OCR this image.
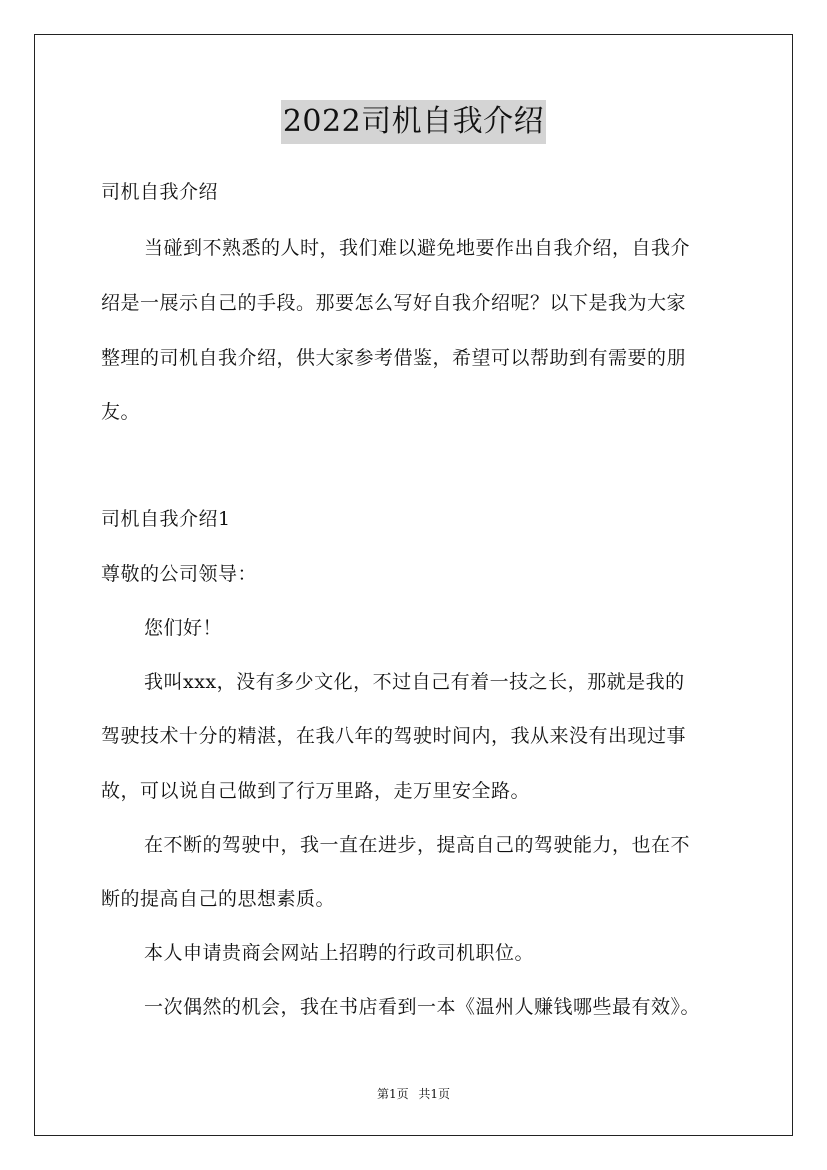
2022司机自我介绍
司机自我介绍
当碰到不熟悉的人时，我们难以避免地要作出自我介绍，自我介
绍是一展示自己的手段。那要怎么写好自我介绍呢？以下是我为大家
整理的司机自我介绍，供大家参考借鉴，希望可以帮助到有需要的朋
友。
司机自我介绍1
尊敬的公司领导：
您们好！
我叫xxx，没有多少文化，不过自己有着一技之长，那就是我的
驾驶技术十分的精湛，在我八年的驾驶时间内，我从来没有出现过事
故，可以说自己做到了行万里路，走万里安全路。
在不断的驾驶中，我一直在进步，提高自己的驾驶能力，也在不
断的提高自己的思想素质。
本人申请贵商会网站上招聘的行政司机职位。
一次偶然的机会，我在书店看到一本《温州人赚钱哪些最有效》。
第1页 共1页
